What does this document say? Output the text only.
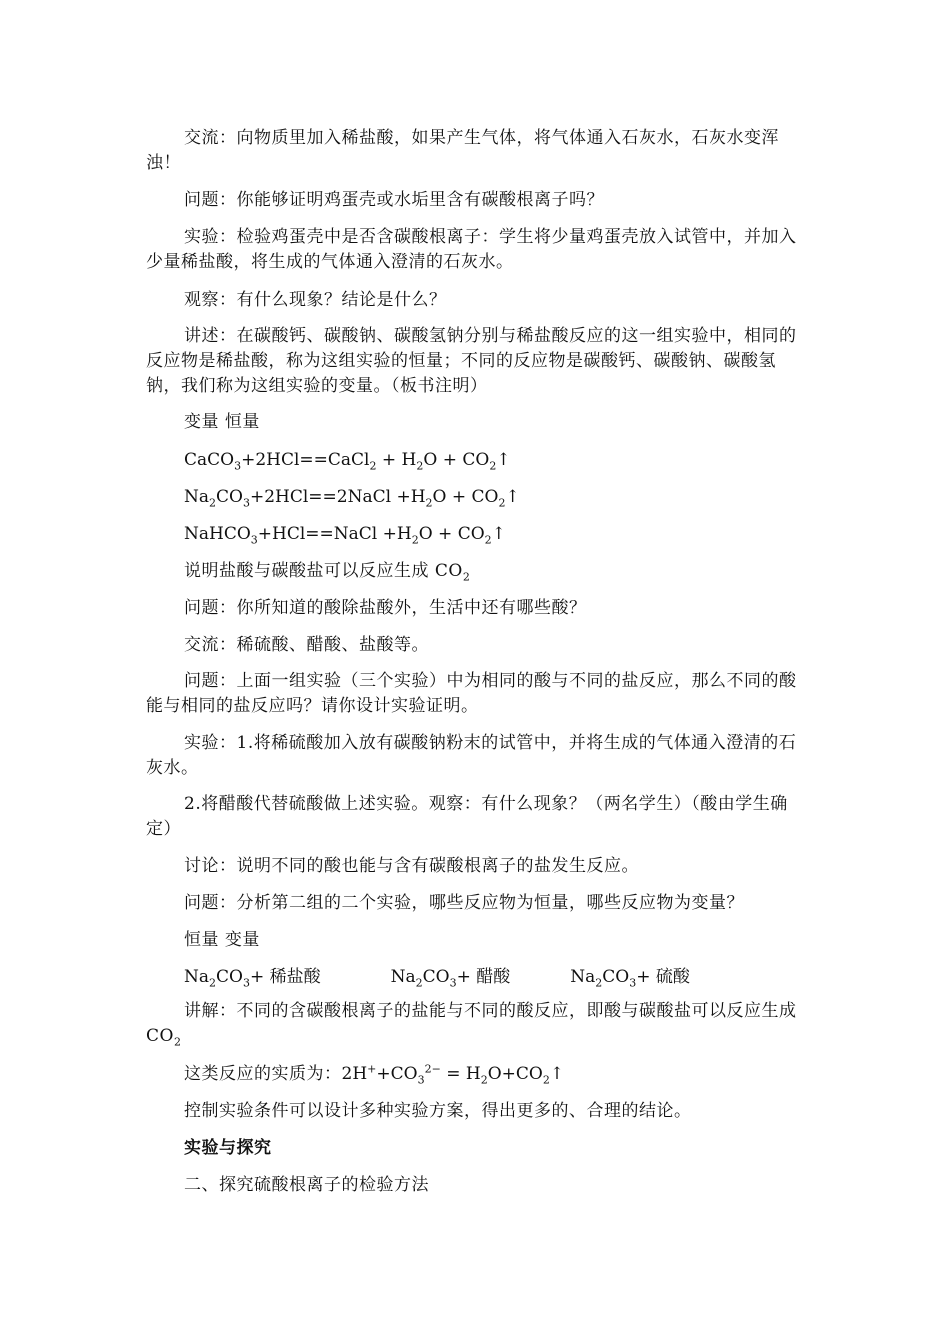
交流：向物质里加入稀盐酸，如果产生气体，将气体通入石灰水，石灰水变浑浊！

问题：你能够证明鸡蛋壳或水垢里含有碳酸根离子吗？

实验：检验鸡蛋壳中是否含碳酸根离子：学生将少量鸡蛋壳放入试管中，并加入少量稀盐酸，将生成的气体通入澄清的石灰水。

观察：有什么现象？结论是什么？

讲述：在碳酸钙、碳酸钠、碳酸氢钠分别与稀盐酸反应的这一组实验中，相同的反应物是稀盐酸，称为这组实验的恒量；不同的反应物是碳酸钙、碳酸钠、碳酸氢钠，我们称为这组实验的变量。（板书注明）

变量 恒量

CaCO$_3$+2HCl==CaCl$_2$ + $H_2O$ + $CO_2↑$

$Na_2CO_3+2HCl==2NaCl +H_2O$ + $CO_2↑$

NaHCO$_3$+HCl==NaCl $+H_2O$ + $CO_2↑$

说明盐酸与碳酸盐可以反应生成 $CO_2$

问题：你所知道的酸除盐酸外，生活中还有哪些酸？

交流：稀硫酸、醋酸、盐酸等。

问题：上面一组实验（三个实验）中为相同的酸与不同的盐反应，那么不同的酸能与相同的盐反应吗？请你设计实验证明。

实验：1.将稀硫酸加入放有碳酸钠粉末的试管中，并将生成的气体通入澄清的石灰水。

2.将醋酸代替硫酸做上述实验。观察：有什么现象？（两名学生）（酸由学生确定）

讨论：说明不同的酸也能与含有碳酸根离子的盐发生反应。

问题：分析第二组的二个实验，哪些反应物为恒量，哪些反应物为变量？

恒量 变量

$Na_2CO_3+$ 稀盐酸	$Na_2CO_3+$ 醋酸	$Na_2CO_3+$ 硫酸

讲解：不同的含碳酸根离子的盐能与不同的酸反应，即酸与碳酸盐可以反应生成 $CO_2$

这类反应的实质为：$2H^++CO_3^{2-}$ = $H_2O+CO_2↑$

控制实验条件可以设计多种实验方案，得出更多的、合理的结论。

实验与探究

二、探究硫酸根离子的检验方法
